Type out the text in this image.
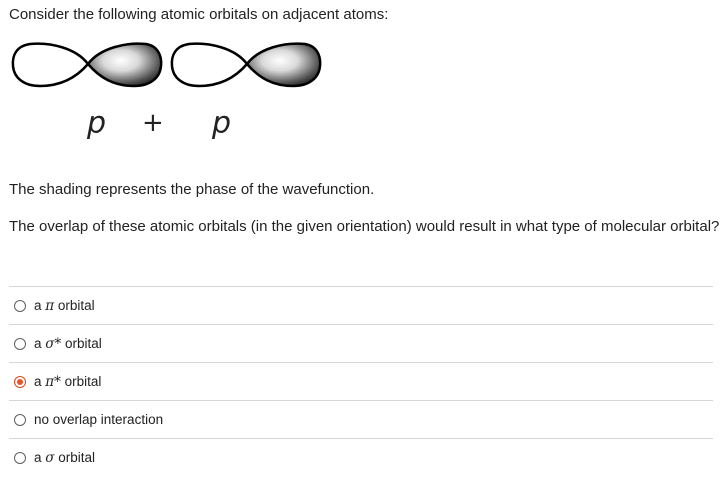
Consider the following atomic orbitals on adjacent atoms:
p + p
The shading represents the phase of the wavefunction.
The overlap of these atomic orbitals (in the given orientation) would result in what type of molecular orbital?
a π orbital
a σ* orbital
a π* orbital
no overlap interaction
a σ orbital
